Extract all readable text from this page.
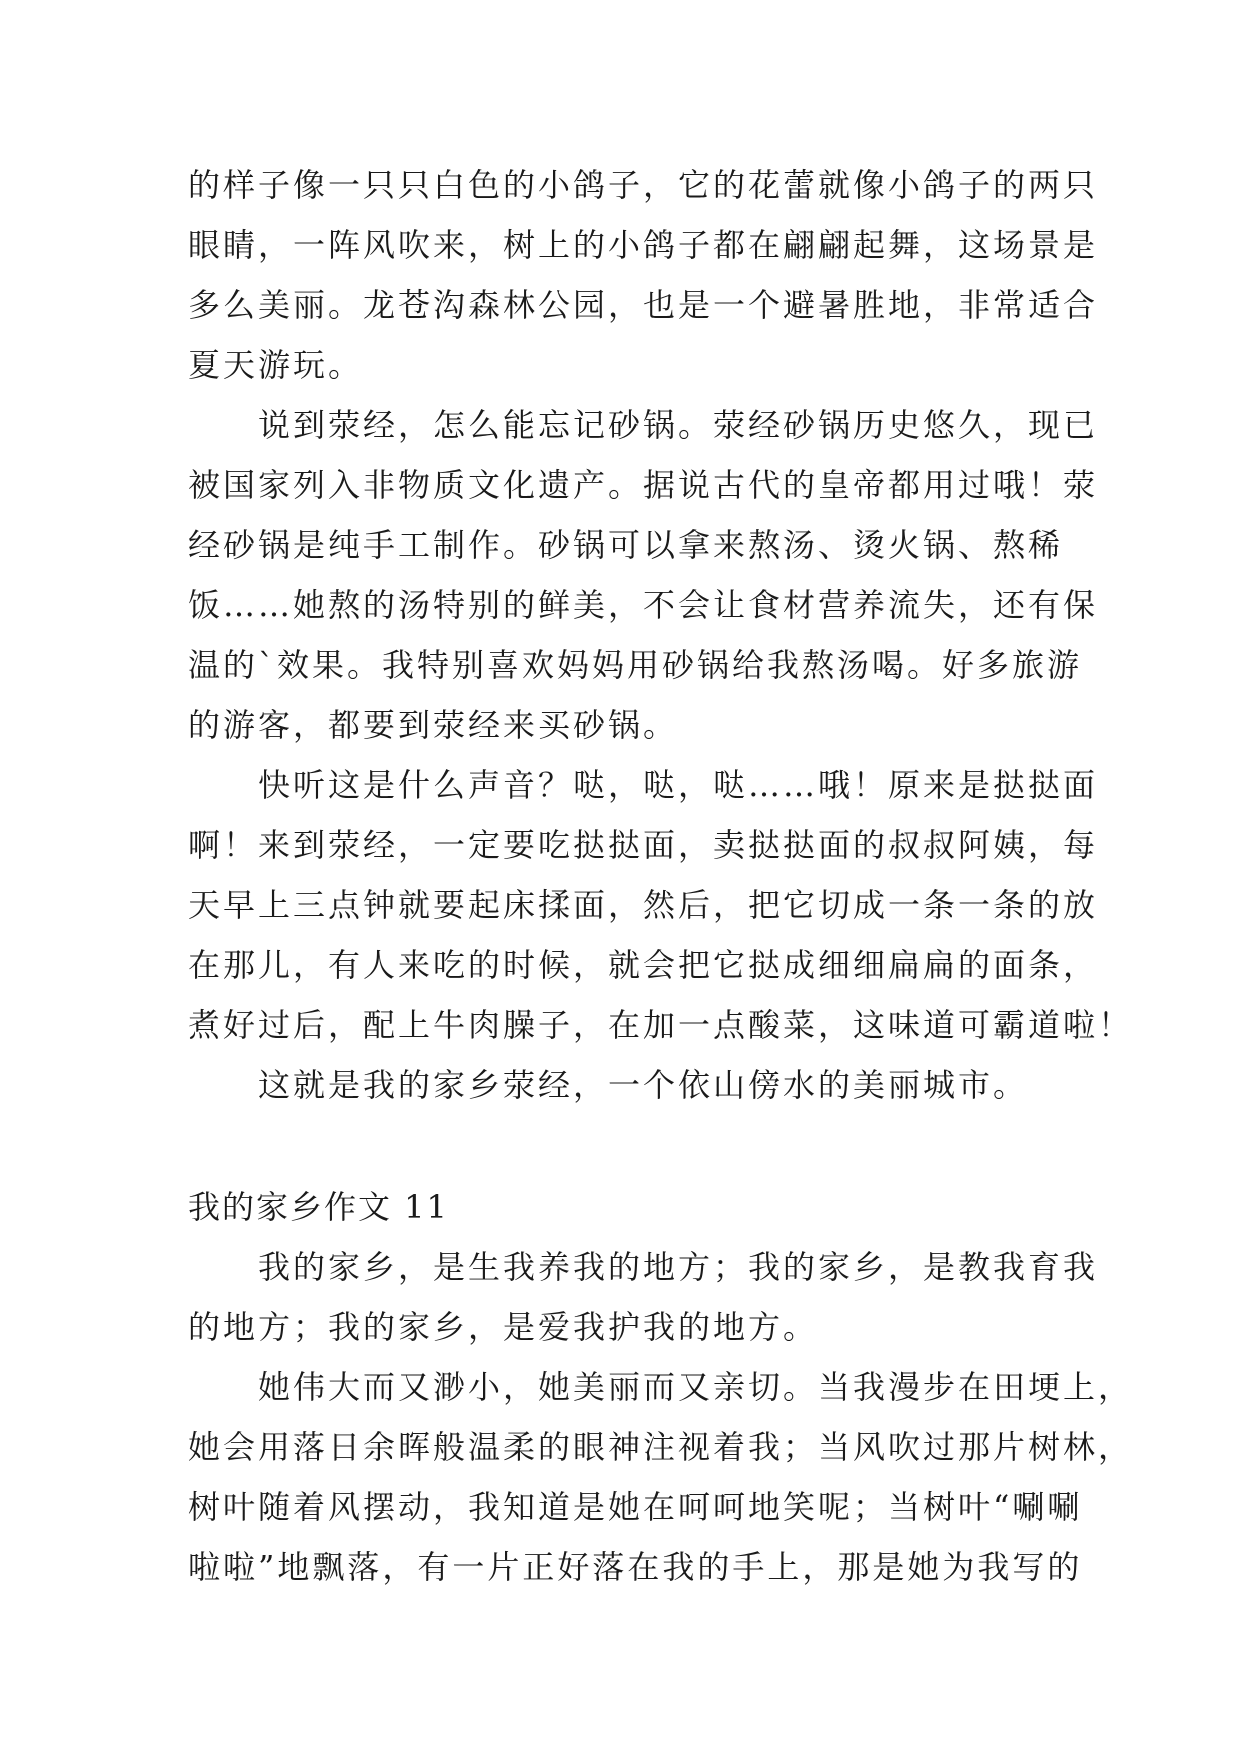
的样子像一只只白色的小鸽子，它的花蕾就像小鸽子的两只
眼睛，一阵风吹来，树上的小鸽子都在翩翩起舞，这场景是
多么美丽。龙苍沟森林公园，也是一个避暑胜地，非常适合
夏天游玩。
说到荥经，怎么能忘记砂锅。荥经砂锅历史悠久，现已
被国家列入非物质文化遗产。据说古代的皇帝都用过哦！荥
经砂锅是纯手工制作。砂锅可以拿来熬汤、烫火锅、熬稀
饭……她熬的汤特别的鲜美，不会让食材营养流失，还有保
温的`效果。我特别喜欢妈妈用砂锅给我熬汤喝。好多旅游
的游客，都要到荥经来买砂锅。
快听这是什么声音？哒，哒，哒……哦！原来是挞挞面
啊！来到荥经，一定要吃挞挞面，卖挞挞面的叔叔阿姨，每
天早上三点钟就要起床揉面，然后，把它切成一条一条的放
在那儿，有人来吃的时候，就会把它挞成细细扁扁的面条，
煮好过后，配上牛肉臊子，在加一点酸菜，这味道可霸道啦！
这就是我的家乡荥经，一个依山傍水的美丽城市。
我的家乡作文 11
我的家乡，是生我养我的地方；我的家乡，是教我育我
的地方；我的家乡，是爱我护我的地方。
她伟大而又渺小，她美丽而又亲切。当我漫步在田埂上，
她会用落日余晖般温柔的眼神注视着我；当风吹过那片树林，
树叶随着风摆动，我知道是她在呵呵地笑呢；当树叶“唰唰
啦啦”地飘落，有一片正好落在我的手上，那是她为我写的
